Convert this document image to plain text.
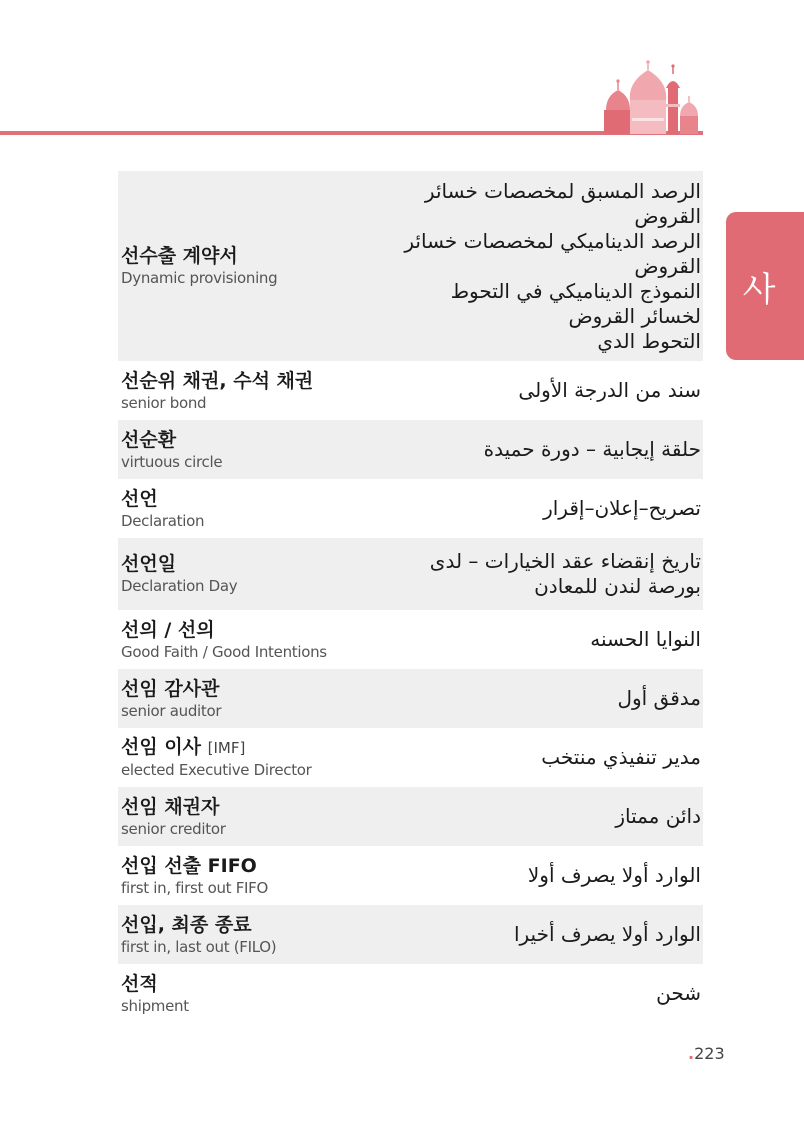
사
선수출 계약서
Dynamic provisioning
الرصد المسبق لمخصصات خسائر
القروض
الرصد الديناميكي لمخصصات خسائر
القروض
النموذج الديناميكي في التحوط
لخسائر القروض
التحوط الدي
선순위 채권, 수석 채권
senior bond
سند من الدرجة الأولى
선순환
virtuous circle
حلقة إيجابية – دورة حميدة
선언
Declaration
تصريح–إعلان–إقرار
선언일
Declaration Day
تاريخ إنقضاء عقد الخيارات – لدى
بورصة لندن للمعادن
선의 / 선의
Good Faith / Good Intentions
النوايا الحسنه
선임 감사관
senior auditor
مدقق أول
선임 이사 [IMF]
elected Executive Director
مدير تنفيذي منتخب
선임 채권자
senior creditor
دائن ممتاز
선입 선출 FIFO
first in, first out FIFO
الوارد أولا يصرف أولا
선입, 최종 종료
first in, last out (FILO)
الوارد أولا يصرف أخيرا
선적
shipment
شحن
.223
